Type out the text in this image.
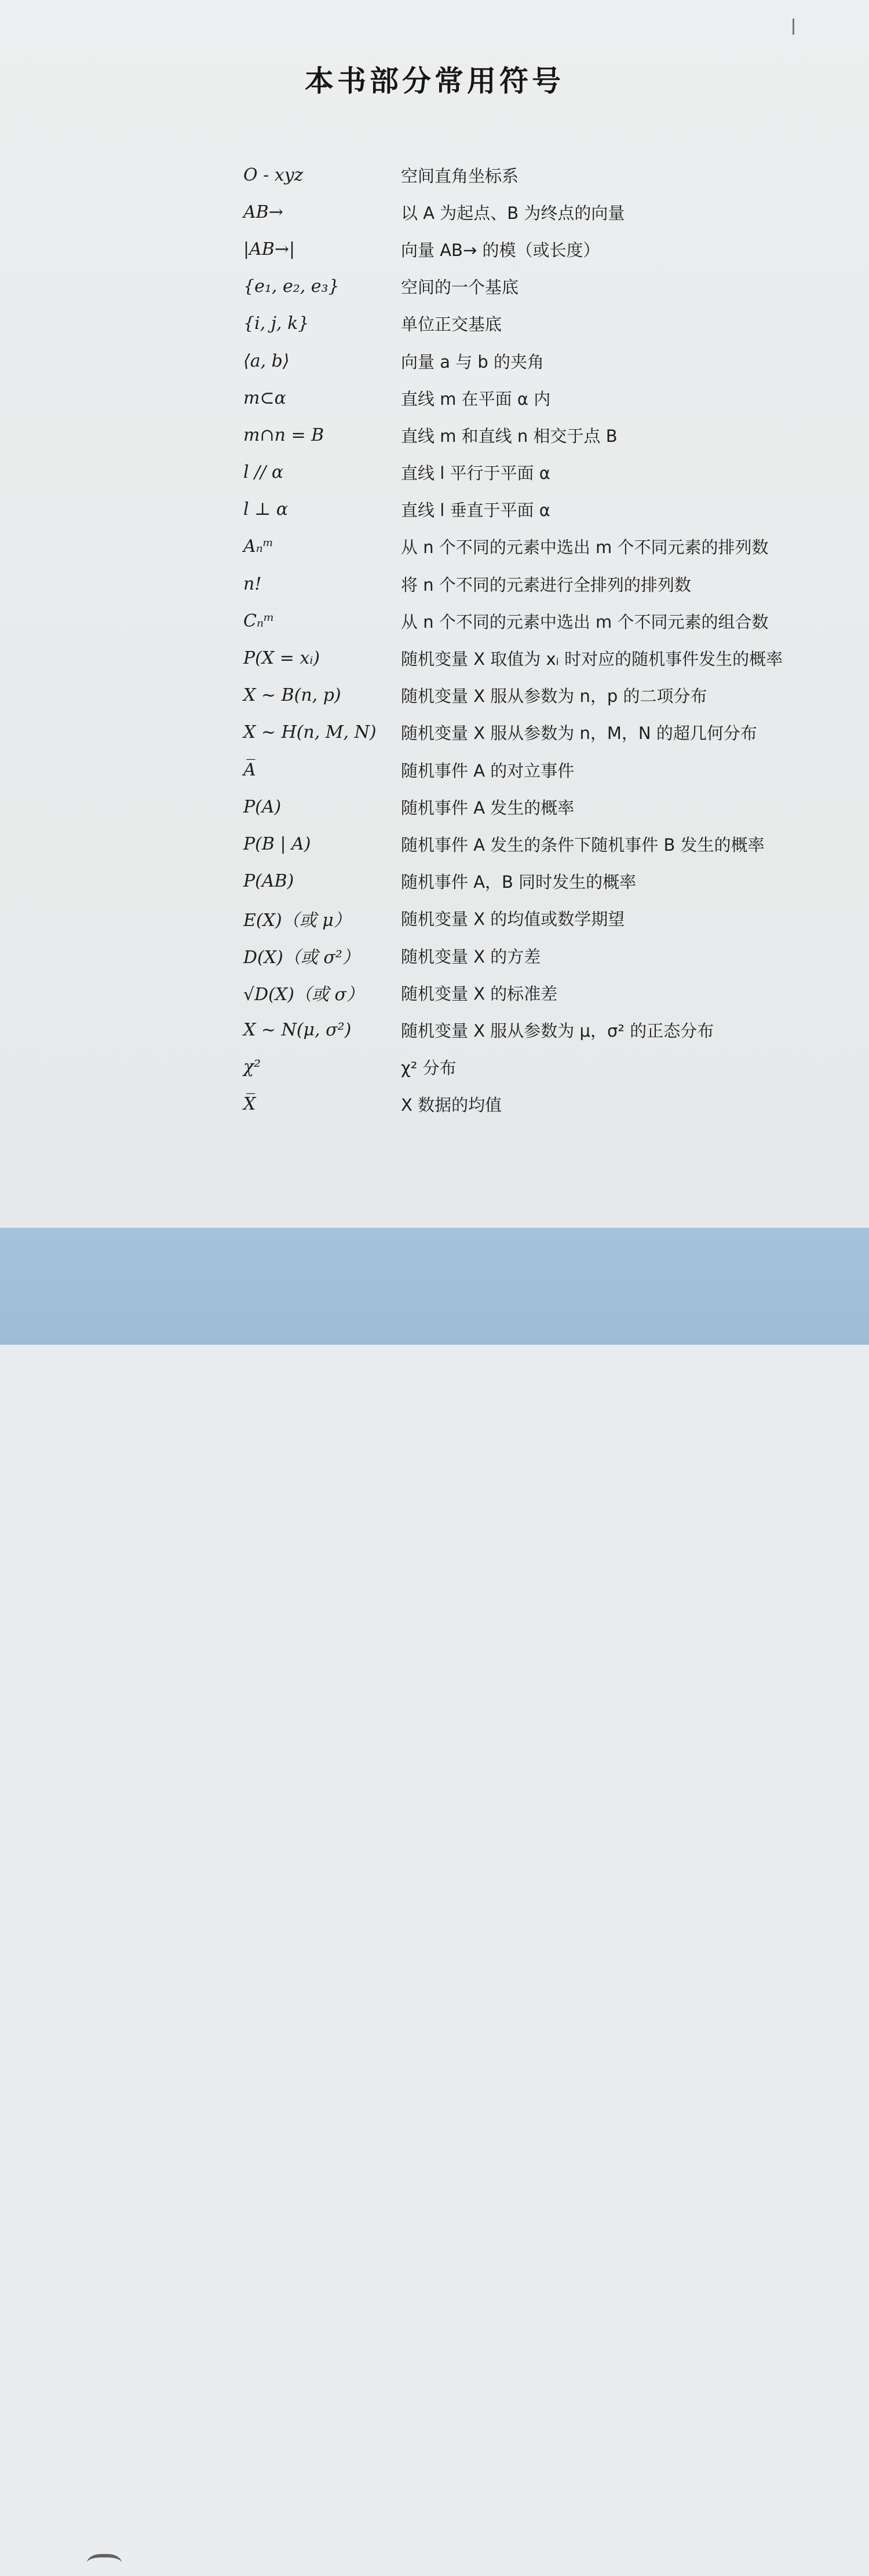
本书部分常用符号
O - xyz	空间直角坐标系
AB→	以 A 为起点、B 为终点的向量
|AB→|	向量 AB→ 的模（或长度）
{e₁, e₂, e₃}	空间的一个基底
{i, j, k}	单位正交基底
⟨a, b⟩	向量 a 与 b 的夹角
m⊂α	直线 m 在平面 α 内
m∩n = B	直线 m 和直线 n 相交于点 B
l // α	直线 l 平行于平面 α
l ⊥ α	直线 l 垂直于平面 α
Aₙᵐ	从 n 个不同的元素中选出 m 个不同元素的排列数
n!	将 n 个不同的元素进行全排列的排列数
Cₙᵐ	从 n 个不同的元素中选出 m 个不同元素的组合数
P(X = xᵢ)	随机变量 X 取值为 xᵢ 时对应的随机事件发生的概率
X ~ B(n, p)	随机变量 X 服从参数为 n，p 的二项分布
X ~ H(n, M, N)	随机变量 X 服从参数为 n，M，N 的超几何分布
A̅	随机事件 A 的对立事件
P(A)	随机事件 A 发生的概率
P(B | A)	随机事件 A 发生的条件下随机事件 B 发生的概率
P(AB)	随机事件 A，B 同时发生的概率
E(X)（或 μ）	随机变量 X 的均值或数学期望
D(X)（或 σ²）	随机变量 X 的方差
√D(X)（或 σ）	随机变量 X 的标准差
X ~ N(μ, σ²)	随机变量 X 服从参数为 μ，σ² 的正态分布
χ²	χ² 分布
X̅	X 数据的均值
